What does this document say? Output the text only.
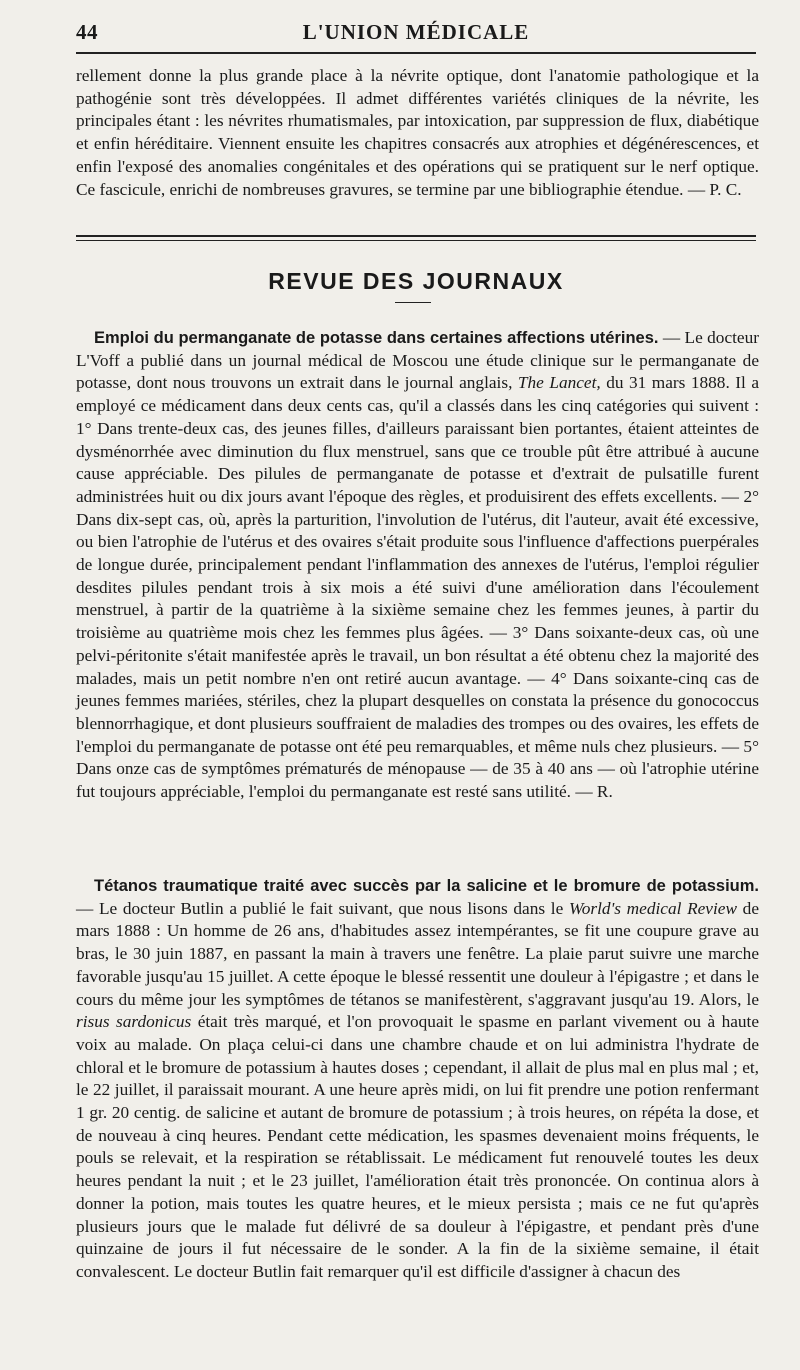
44	L'UNION MÉDICALE
rellement donne la plus grande place à la névrite optique, dont l'anatomie pathologique et la pathogénie sont très développées. Il admet différentes variétés cliniques de la névrite, les principales étant : les névrites rhumatismales, par intoxication, par suppression de flux, diabétique et enfin héréditaire. Viennent ensuite les chapitres consacrés aux atrophies et dégénérescences, et enfin l'exposé des anomalies congénitales et des opérations qui se pratiquent sur le nerf optique. Ce fascicule, enrichi de nombreuses gravures, se termine par une bibliographie étendue. — P. C.
REVUE DES JOURNAUX

Emploi du permanganate de potasse dans certaines affections utérines. — Le docteur L'Voff a publié dans un journal médical de Moscou une étude clinique sur le permanganate de potasse, dont nous trouvons un extrait dans le journal anglais, The Lancet, du 31 mars 1888. Il a employé ce médicament dans deux cents cas, qu'il a classés dans les cinq catégories qui suivent : 1° Dans trente-deux cas, des jeunes filles, d'ailleurs paraissant bien portantes, étaient atteintes de dysménorrhée avec diminution du flux menstruel, sans que ce trouble pût être attribué à aucune cause appréciable. Des pilules de permanganate de potasse et d'extrait de pulsatille furent administrées huit ou dix jours avant l'époque des règles, et produisirent des effets excellents. — 2° Dans dix-sept cas, où, après la parturition, l'involution de l'utérus, dit l'auteur, avait été excessive, ou bien l'atrophie de l'utérus et des ovaires s'était produite sous l'influence d'affections puerpérales de longue durée, principalement pendant l'inflammation des annexes de l'utérus, l'emploi régulier desdites pilules pendant trois à six mois a été suivi d'une amélioration dans l'écoulement menstruel, à partir de la quatrième à la sixième semaine chez les femmes jeunes, à partir du troisième au quatrième mois chez les femmes plus âgées. — 3° Dans soixante-deux cas, où une pelvi-péritonite s'était manifestée après le travail, un bon résultat a été obtenu chez la majorité des malades, mais un petit nombre n'en ont retiré aucun avantage. — 4° Dans soixante-cinq cas de jeunes femmes mariées, stériles, chez la plupart desquelles on constata la présence du gonococcus blennorrhagique, et dont plusieurs souffraient de maladies des trompes ou des ovaires, les effets de l'emploi du permanganate de potasse ont été peu remarquables, et même nuls chez plusieurs. — 5° Dans onze cas de symptômes prématurés de ménopause — de 35 à 40 ans — où l'atrophie utérine fut toujours appréciable, l'emploi du permanganate est resté sans utilité. — R.

Tétanos traumatique traité avec succès par la salicine et le bromure de potassium. — Le docteur Butlin a publié le fait suivant, que nous lisons dans le World's medical Review de mars 1888 : Un homme de 26 ans, d'habitudes assez intempérantes, se fit une coupure grave au bras, le 30 juin 1887, en passant la main à travers une fenêtre. La plaie parut suivre une marche favorable jusqu'au 15 juillet. A cette époque le blessé ressentit une douleur à l'épigastre ; et dans le cours du même jour les symptômes de tétanos se manifestèrent, s'aggravant jusqu'au 19. Alors, le risus sardonicus était très marqué, et l'on provoquait le spasme en parlant vivement ou à haute voix au malade. On plaça celui-ci dans une chambre chaude et on lui administra l'hydrate de chloral et le bromure de potassium à hautes doses ; cependant, il allait de plus mal en plus mal ; et, le 22 juillet, il paraissait mourant. A une heure après midi, on lui fit prendre une potion renfermant 1 gr. 20 centig. de salicine et autant de bromure de potassium ; à trois heures, on répéta la dose, et de nouveau à cinq heures. Pendant cette médication, les spasmes devenaient moins fréquents, le pouls se relevait, et la respiration se rétablissait. Le médicament fut renouvelé toutes les deux heures pendant la nuit ; et le 23 juillet, l'amélioration était très prononcée. On continua alors à donner la potion, mais toutes les quatre heures, et le mieux persista ; mais ce ne fut qu'après plusieurs jours que le malade fut délivré de sa douleur à l'épigastre, et pendant près d'une quinzaine de jours il fut nécessaire de le sonder. A la fin de la sixième semaine, il était convalescent. Le docteur Butlin fait remarquer qu'il est difficile d'assigner à chacun des
